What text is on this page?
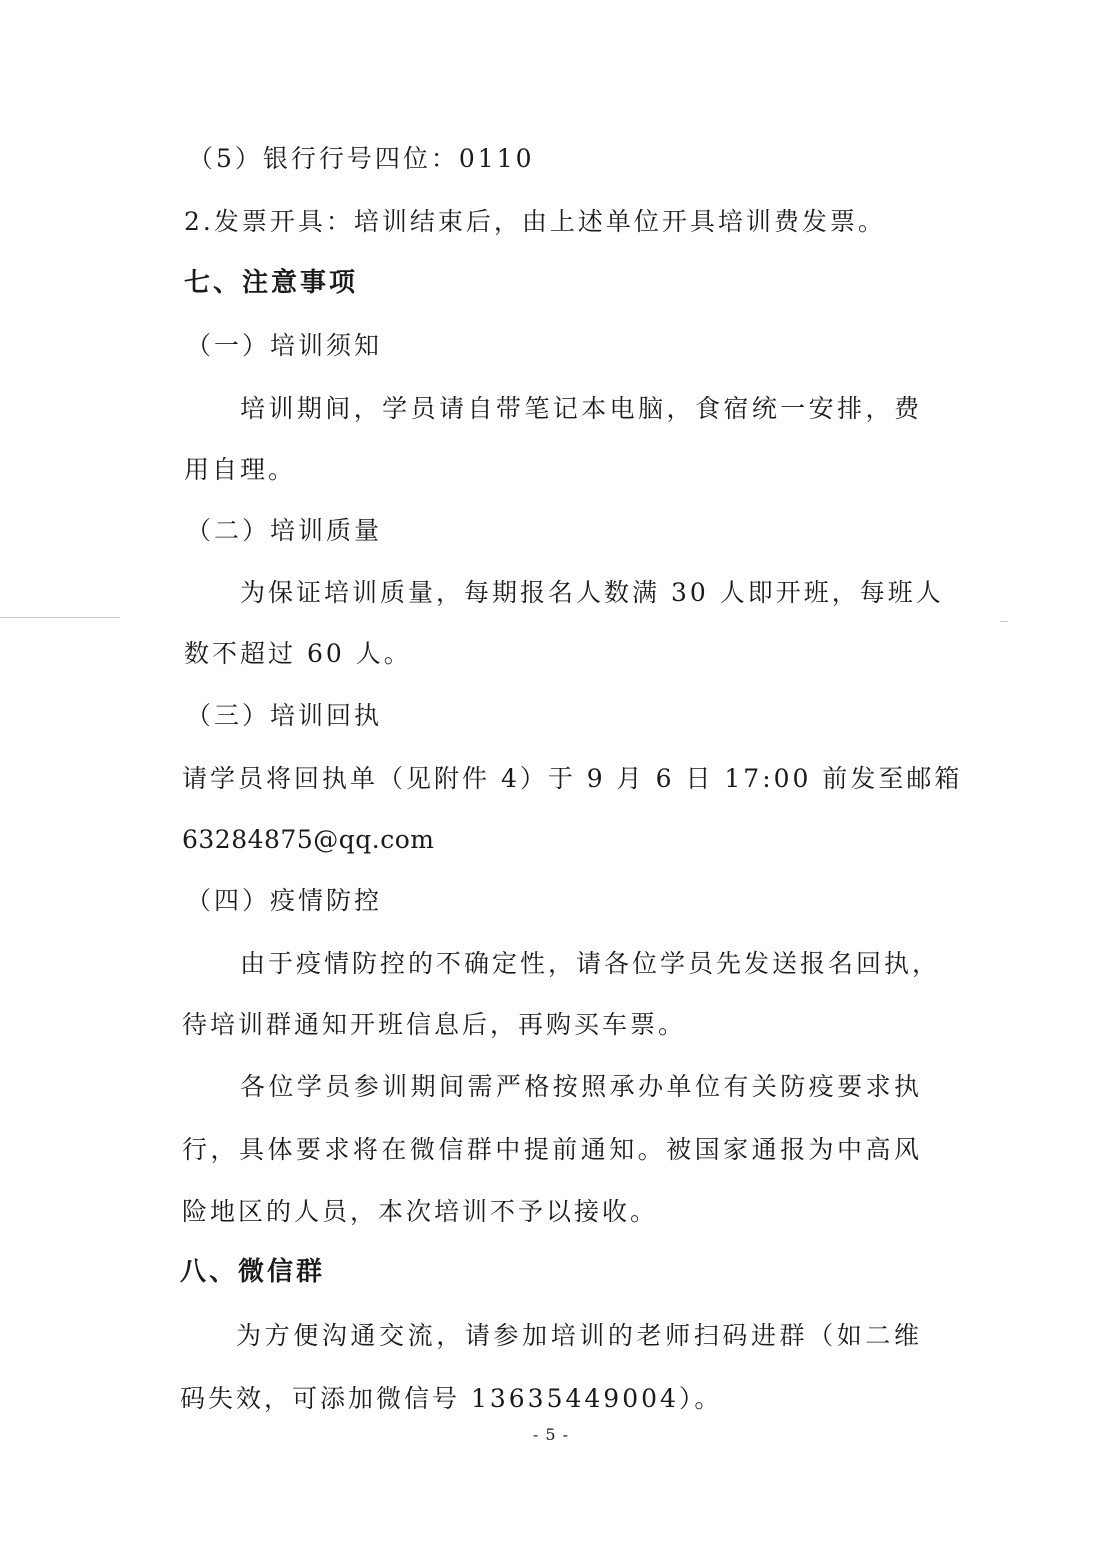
（5）银行行号四位：0110
2.发票开具：培训结束后，由上述单位开具培训费发票。
七、注意事项
（一）培训须知
培训期间，学员请自带笔记本电脑，食宿统一安排，费
用自理。
（二）培训质量
为保证培训质量，每期报名人数满 30 人即开班，每班人
数不超过 60 人。
（三）培训回执
请学员将回执单（见附件 4）于 9 月 6 日 17:00 前发至邮箱
63284875@qq.com
（四）疫情防控
由于疫情防控的不确定性，请各位学员先发送报名回执，
待培训群通知开班信息后，再购买车票。
各位学员参训期间需严格按照承办单位有关防疫要求执
行，具体要求将在微信群中提前通知。被国家通报为中高风
险地区的人员，本次培训不予以接收。
八、微信群
为方便沟通交流，请参加培训的老师扫码进群（如二维
码失效，可添加微信号 13635449004）。
- 5 -
